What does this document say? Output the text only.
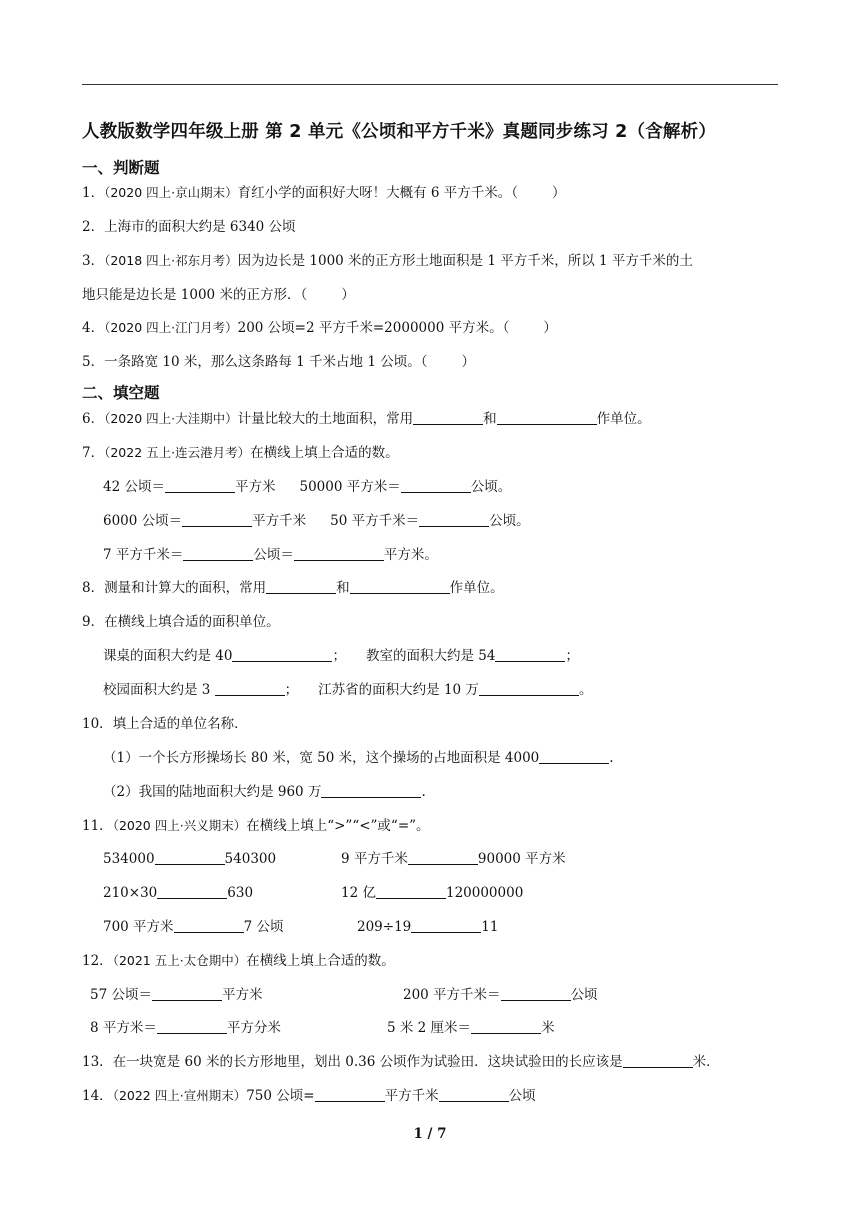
人教版数学四年级上册 第 2 单元《公顷和平方千米》真题同步练习 2（含解析）
一、判断题
1．（2020 四上·京山期末）育红小学的面积好大呀！大概有 6 平方千米。（	）
2．上海市的面积大约是 6340 公顷
3．（2018 四上·祁东月考）因为边长是 1000 米的正方形土地面积是 1 平方千米，所以 1 平方千米的土
地只能是边长是 1000 米的正方形．（	）
4．（2020 四上·江门月考）200 公顷=2 平方千米=2000000 平方米。（	）
5．一条路宽 10 米，那么这条路每 1 千米占地 1 公顷。（	）
二、填空题
6．（2020 四上·大洼期中）计量比较大的土地面积，常用	和	作单位。
7．（2022 五上·连云港月考）在横线上填上合适的数。
42 公顷＝	平方米 50000 平方米＝	公顷。
6000 公顷＝	平方千米 50 平方千米＝	公顷。
7 平方千米＝	公顷＝	平方米。
8．测量和计算大的面积，常用	和	作单位。
9．在横线上填合适的面积单位。
课桌的面积大约是 40	； 教室的面积大约是 54	；
校园面积大约是 3	； 江苏省的面积大约是 10 万	。
10．填上合适的单位名称．
（1）一个长方形操场长 80 米，宽 50 米，这个操场的占地面积是 4000	.
（2）我国的陆地面积大约是 960 万	.
11．（2020 四上·兴义期末）在横线上填上“>”“<”或“=”。
534000	540300	9 平方千米	90000 平方米
210×30	630	12 亿	120000000
700 平方米	7 公顷	209÷19	11
12．（2021 五上·太仓期中）在横线上填上合适的数。
57 公顷＝	平方米	200 平方千米＝	公顷
8 平方米＝	平方分米	5 米 2 厘米＝	米
13．在一块宽是 60 米的长方形地里，划出 0.36 公顷作为试验田．这块试验田的长应该是	米．
14．（2022 四上·宣州期末）750 公顷=	平方千米	公顷
1 / 7
